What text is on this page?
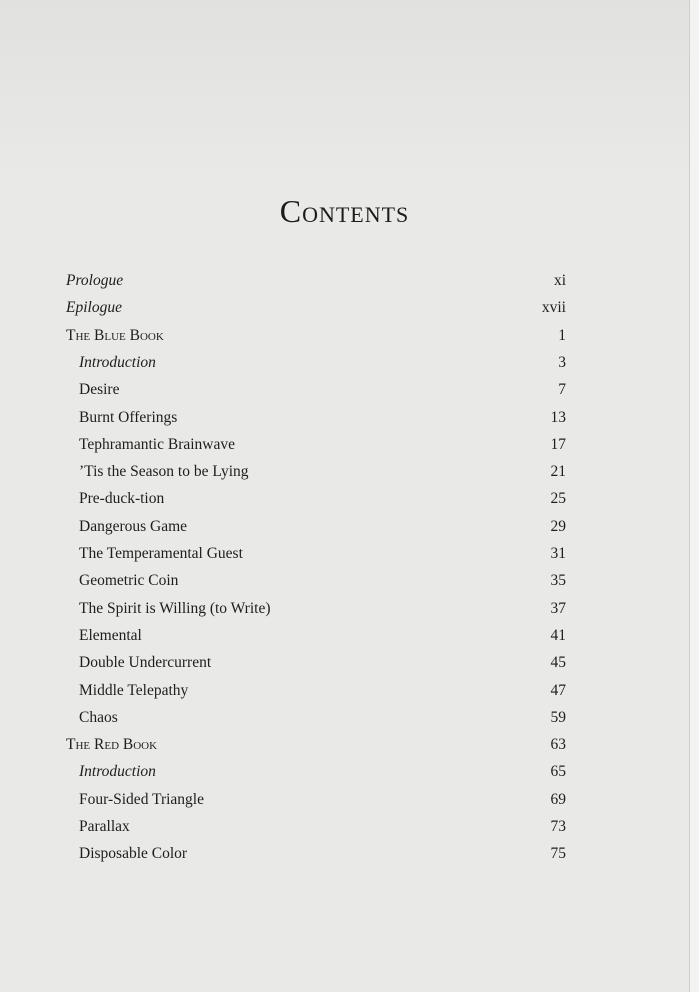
Contents
Prologue	xi
Epilogue	xvii
The Blue Book	1
Introduction	3
Desire	7
Burnt Offerings	13
Tephramantic Brainwave	17
’Tis the Season to be Lying	21
Pre-duck-tion	25
Dangerous Game	29
The Temperamental Guest	31
Geometric Coin	35
The Spirit is Willing (to Write)	37
Elemental	41
Double Undercurrent	45
Middle Telepathy	47
Chaos	59
The Red Book	63
Introduction	65
Four-Sided Triangle	69
Parallax	73
Disposable Color	75
